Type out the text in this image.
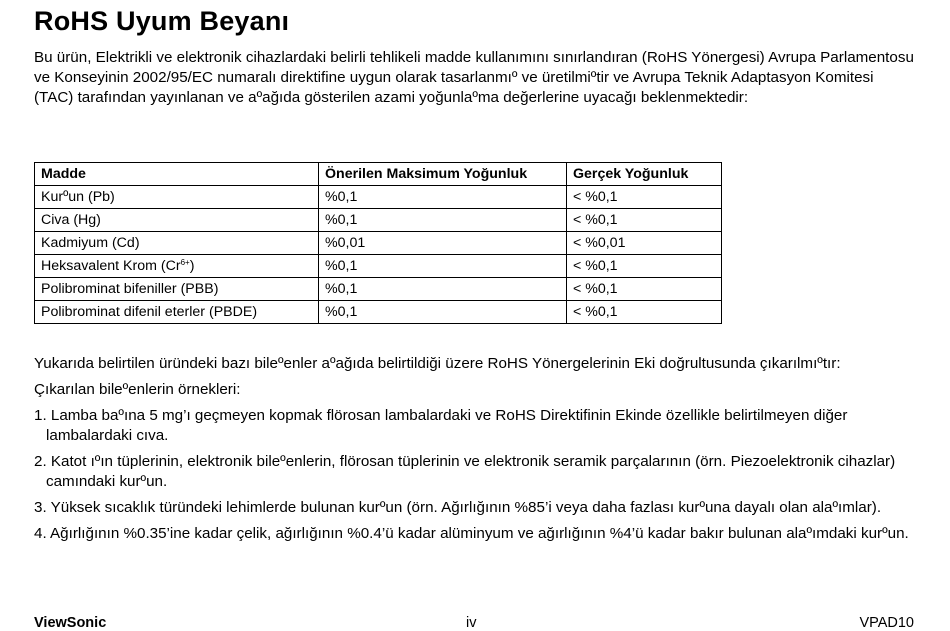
RoHS Uyum Beyanı

Bu ürün, Elektrikli ve elektronik cihazlardaki belirli tehlikeli madde kullanımını sınırlandıran (RoHS Yönergesi) Avrupa Parlamentosu ve Konseyinin 2002/95/EC numaralı direktifine uygun olarak tasarlanmıº ve üretilmiºtir ve Avrupa Teknik Adaptasyon Komitesi (TAC) tarafından yayınlanan ve aºağıda gösterilen azami yoğunlaºma değerlerine uyacağı beklenmektedir:

Madde	Önerilen Maksimum Yoğunluk	Gerçek Yoğunluk
Kurºun (Pb)	%0,1	< %0,1
Civa (Hg)	%0,1	< %0,1
Kadmiyum (Cd)	%0,01	< %0,01
Heksavalent Krom $(Cr^{6+})$	%0,1	< %0,1
Polibrominat bifeniller (PBB)	%0,1	< %0,1
Polibrominat difenil eterler (PBDE)	%0,1	< %0,1

Yukarıda belirtilen üründeki bazı bileºenler aºağıda belirtildiği üzere RoHS Yönergelerinin Eki doğrultusunda çıkarılmıºtır:

Çıkarılan bileºenlerin örnekleri:

1. Lamba baºına 5 mg’ı geçmeyen kopmak flörosan lambalardaki ve RoHS Direktifinin Ekinde özellikle belirtilmeyen diğer lambalardaki cıva.
2. Katot ıºın tüplerinin, elektronik bileºenlerin, flörosan tüplerinin ve elektronik seramik parçalarının (örn. Piezoelektronik cihazlar) camındaki kurºun.
3. Yüksek sıcaklık türündeki lehimlerde bulunan kurºun (örn. Ağırlığının %85’i veya daha fazlası kurºuna dayalı olan alaºımlar).
4. Ağırlığının %0.35’ine kadar çelik, ağırlığının %0.4’ü kadar alüminyum ve ağırlığının %4’ü kadar bakır bulunan alaºımdaki kurºun.
ViewSonic	iv	VPAD10
